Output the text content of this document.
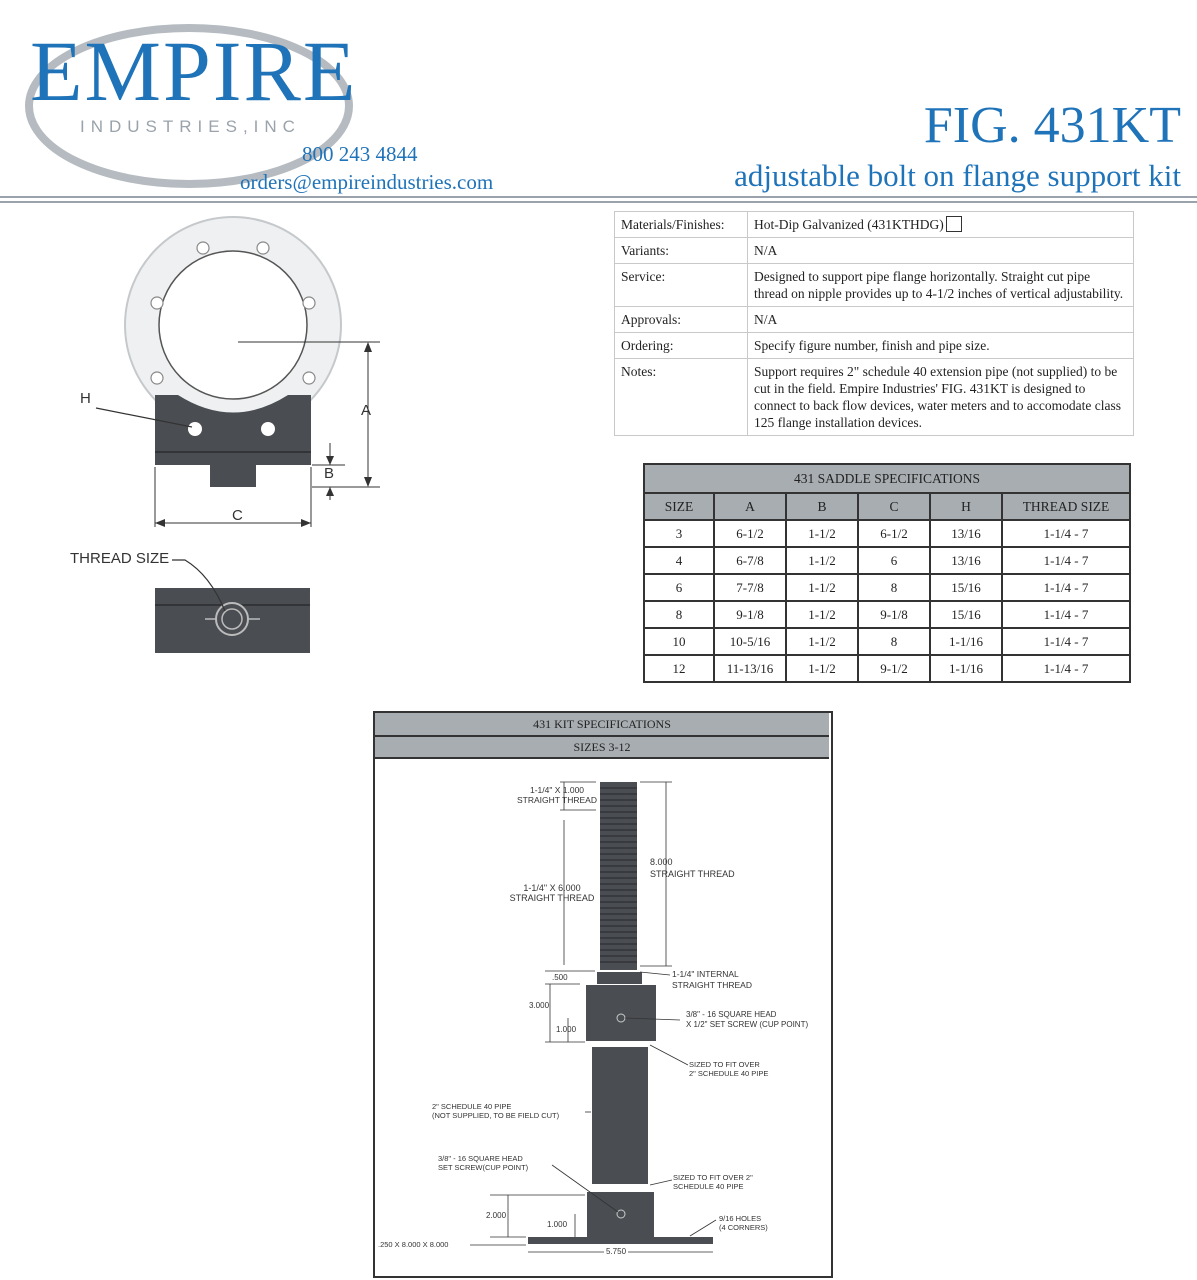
EMPIRE
INDUSTRIES,INC
800 243 4844
orders@empireindustries.com
FIG. 431KT
adjustable bolt on flange support kit
H
A
B
C
THREAD SIZE
Materials/Finishes:	Hot-Dip Galvanized (431KTHDG)
Variants:	N/A
Service:	Designed to support pipe flange horizontally. Straight cut pipe thread on nipple provides up to 4-1/2 inches of vertical adjustability.
Approvals:	N/A
Ordering:	Specify figure number, finish and pipe size.
Notes:	Support requires 2" schedule 40 extension pipe (not supplied) to be cut in the field. Empire Industries' FIG. 431KT is designed to connect to back flow devices, water meters and to accomodate class 125 flange installation devices.
431 SADDLE SPECIFICATIONS					
SIZE	A	B	C	H	THREAD SIZE
3	6-1/2	1-1/2	6-1/2	13/16	1-1/4 - 7
4	6-7/8	1-1/2	6	13/16	1-1/4 - 7
6	7-7/8	1-1/2	8	15/16	1-1/4 - 7
8	9-1/8	1-1/2	9-1/8	15/16	1-1/4 - 7
10	10-5/16	1-1/2	8	1-1/16	1-1/4 - 7
12	11-13/16	1-1/2	9-1/2	1-1/16	1-1/4 - 7
431 KIT SPECIFICATIONS
SIZES 3-12
1-1/4" X 1.000
STRAIGHT THREAD
1-1/4" X 6.000
STRAIGHT THREAD
8.000
STRAIGHT THREAD
.500	1-1/4" INTERNAL
STRAIGHT THREAD
3.000
1.000
3/8" - 16 SQUARE HEAD
X 1/2" SET SCREW (CUP POINT)
SIZED TO FIT OVER
2" SCHEDULE 40 PIPE
2" SCHEDULE 40 PIPE
(NOT SUPPLIED, TO BE FIELD CUT)
3/8" - 16 SQUARE HEAD
SET SCREW(CUP POINT)
SIZED TO FIT OVER 2"
SCHEDULE 40 PIPE
2.000
1.000
9/16 HOLES
(4 CORNERS)
.250 X 8.000 X 8.000
5.750
